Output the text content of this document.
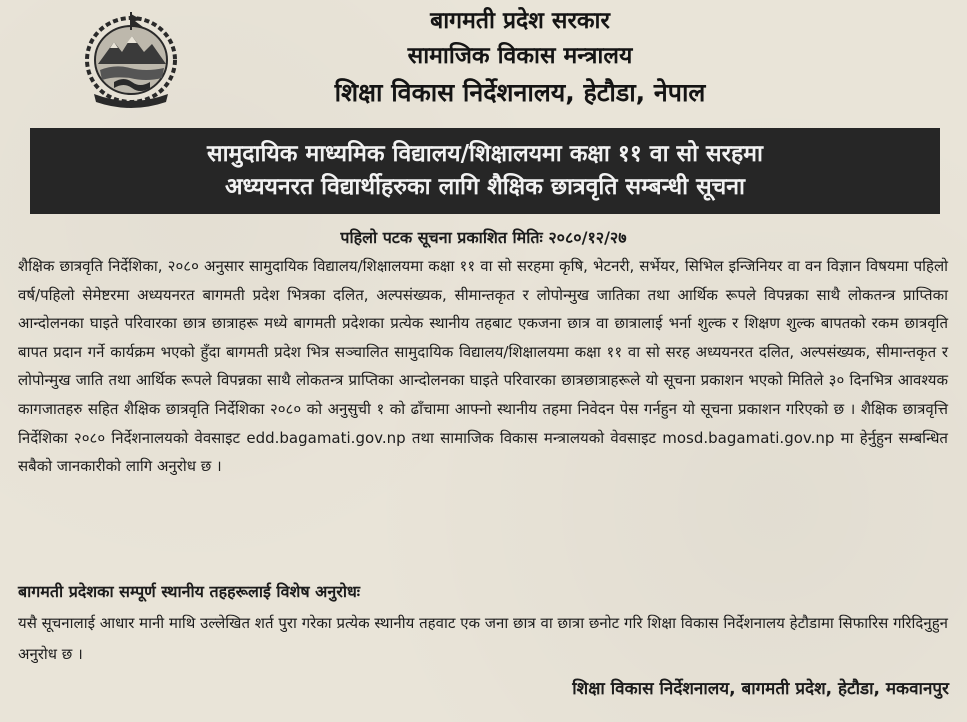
बागमती प्रदेश सरकार
सामाजिक विकास मन्त्रालय
शिक्षा विकास निर्देशनालय, हेटौडा, नेपाल
सामुदायिक माध्यमिक विद्यालय/शिक्षालयमा कक्षा ११ वा सो सरहमा
अध्ययनरत विद्यार्थीहरुका लागि शैक्षिक छात्रवृति सम्बन्धी सूचना
पहिलो पटक सूचना प्रकाशित मितिः २०८०/१२/२७

शैक्षिक छात्रवृति निर्देशिका, २०८० अनुसार सामुदायिक विद्यालय/शिक्षालयमा कक्षा ११ वा सो सरहमा कृषि, भेटनरी, सर्भेयर, सिभिल इन्जिनियर वा वन विज्ञान विषयमा पहिलो वर्ष/पहिलो सेमेष्टरमा अध्ययनरत बागमती प्रदेश भित्रका दलित, अल्पसंख्यक, सीमान्तकृत र लोपोन्मुख जातिका तथा आर्थिक रूपले विपन्नका साथै लोकतन्त्र प्राप्तिका आन्दोलनका घाइते परिवारका छात्र छात्राहरू मध्ये बागमती प्रदेशका प्रत्येक स्थानीय तहबाट एकजना छात्र वा छात्रालाई भर्ना शुल्क र शिक्षण शुल्क बापतको रकम छात्रवृति बापत प्रदान गर्ने कार्यक्रम भएको हुँदा बागमती प्रदेश भित्र सञ्चालित सामुदायिक विद्यालय/शिक्षालयमा कक्षा ११ वा सो सरह अध्ययनरत दलित, अल्पसंख्यक, सीमान्तकृत र लोपोन्मुख जाति तथा आर्थिक रूपले विपन्नका साथै लोकतन्त्र प्राप्तिका आन्दोलनका घाइते परिवारका छात्रछात्राहरूले यो सूचना प्रकाशन भएको मितिले ३० दिनभित्र आवश्यक कागजातहरु सहित शैक्षिक छात्रवृति निर्देशिका २०८० को अनुसुची १ को ढाँचामा आफ्नो स्थानीय तहमा निवेदन पेस गर्नहुन यो सूचना प्रकाशन गरिएको छ । शैक्षिक छात्रवृत्ति निर्देशिका २०८० निर्देशनालयको वेवसाइट edd.bagamati.gov.np तथा सामाजिक विकास मन्त्रालयको वेवसाइट mosd.bagamati.gov.np मा हेर्नुहुन सम्बन्धित सबैको जानकारीको लागि अनुरोध छ ।

बागमती प्रदेशका सम्पूर्ण स्थानीय तहहरूलाई विशेष अनुरोधः

यसै सूचनालाई आधार मानी माथि उल्लेखित शर्त पुरा गरेका प्रत्येक स्थानीय तहवाट एक जना छात्र वा छात्रा छनोट गरि शिक्षा विकास निर्देशनालय हेटौडामा सिफारिस गरिदिनुहुन अनुरोध छ ।

शिक्षा विकास निर्देशनालय, बागमती प्रदेश, हेटौडा, मकवानपुर
